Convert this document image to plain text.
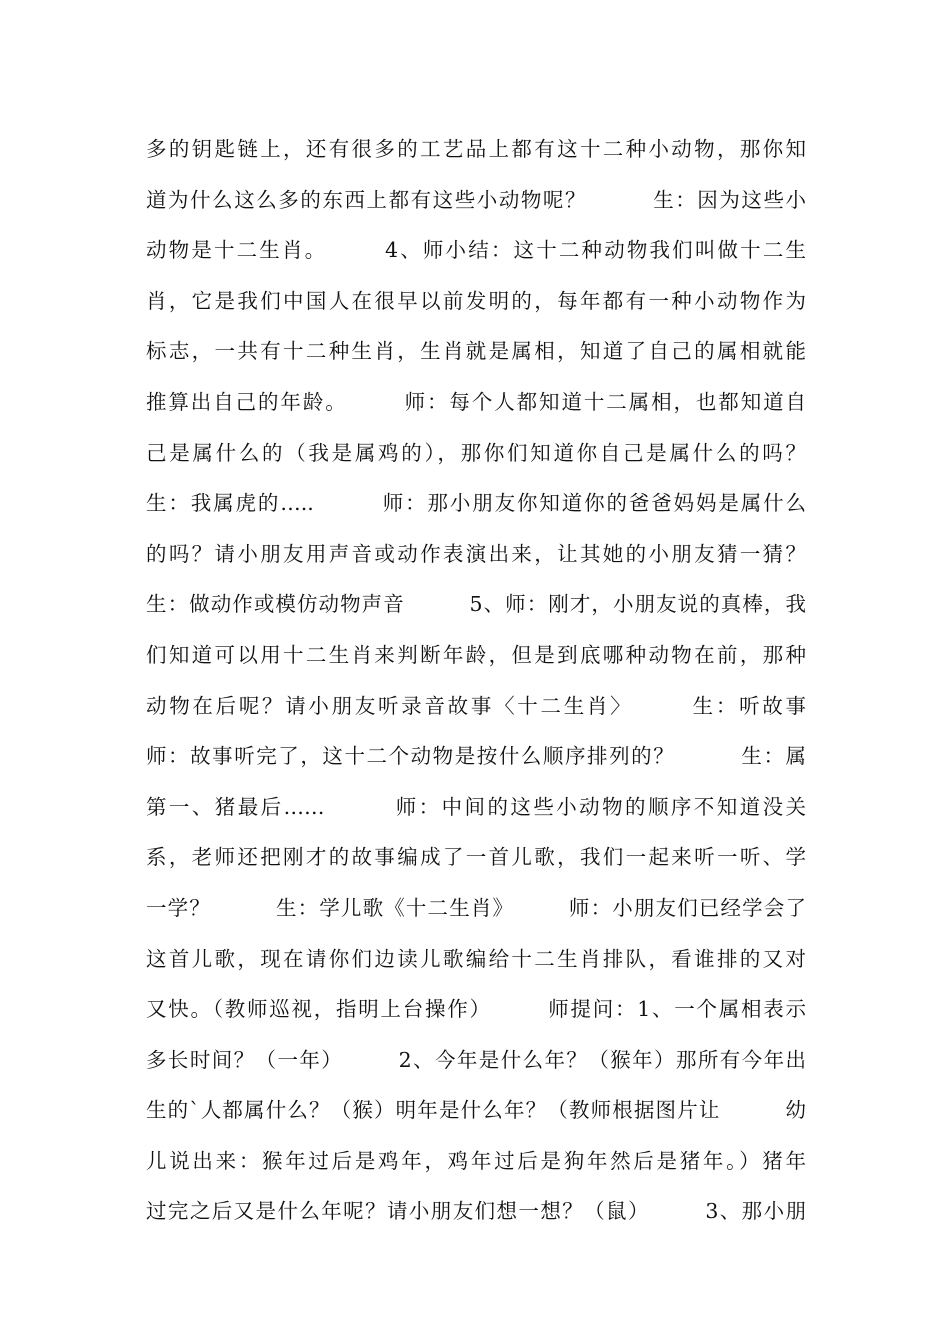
多的钥匙链上，还有很多的工艺品上都有这十二种小动物，那你知
道为什么这么多的东西上都有这些小动物呢？　　　生：因为这些小
动物是十二生肖。　　　4、师小结：这十二种动物我们叫做十二生
肖，它是我们中国人在很早以前发明的，每年都有一种小动物作为
标志，一共有十二种生肖，生肖就是属相，知道了自己的属相就能
推算出自己的年龄。　　　师：每个人都知道十二属相，也都知道自
己是属什么的（我是属鸡的），那你们知道你自己是属什么的吗？
生：我属虎的…..　　　师：那小朋友你知道你的爸爸妈妈是属什么
的吗？请小朋友用声音或动作表演出来，让其她的小朋友猜一猜？
生：做动作或模仿动物声音　　　5、师：刚才，小朋友说的真棒，我
们知道可以用十二生肖来判断年龄，但是到底哪种动物在前，那种
动物在后呢？请小朋友听录音故事〈十二生肖〉　　　生：听故事
师：故事听完了，这十二个动物是按什么顺序排列的？　　　生：属
第一、猪最后……　　　师：中间的这些小动物的顺序不知道没关
系，老师还把刚才的故事编成了一首儿歌，我们一起来听一听、学
一学？　　　生：学儿歌《十二生肖》　　　师：小朋友们已经学会了
这首儿歌，现在请你们边读儿歌编给十二生肖排队，看谁排的又对
又快。（教师巡视，指明上台操作）　　　师提问：1、一个属相表示
多长时间？（一年）　　　2、今年是什么年？（猴年）那所有今年出
生的`人都属什么？（猴）明年是什么年？（教师根据图片让　　　幼
儿说出来：猴年过后是鸡年，鸡年过后是狗年然后是猪年。）猪年
过完之后又是什么年呢？请小朋友们想一想？（鼠）　　　3、那小朋
